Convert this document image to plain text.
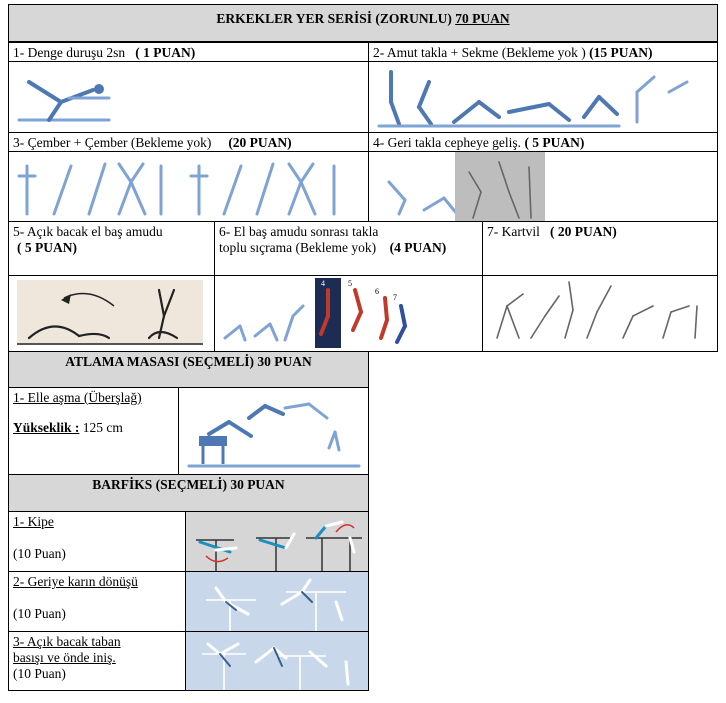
ERKEKLER YER SERİSİ (ZORUNLU) 70 PUAN
1- Denge duruşu 2sn ( 1 PUAN)	2- Amut takla + Sekme (Bekleme yok ) (15 PUAN)
3- Çember + Çember (Bekleme yok) (20 PUAN)	4- Geri takla cepheye geliş. ( 5 PUAN)
5- Açık bacak el baş amudu
( 5 PUAN)
6- El baş amudu sonrası takla
toplu sıçrama (Bekleme yok) (4 PUAN)
7- Kartvil ( 20 PUAN)
4	5
6
7
ATLAMA MASASI (SEÇMELİ) 30 PUAN
1- Elle aşma (Überşlağ)
Yükseklik : 125 cm
BARFİKS (SEÇMELİ) 30 PUAN
1- Kipe
(10 Puan)
2- Geriye karın dönüşü
(10 Puan)
3- Açık bacak taban
basışı ve önde iniş.
(10 Puan)
